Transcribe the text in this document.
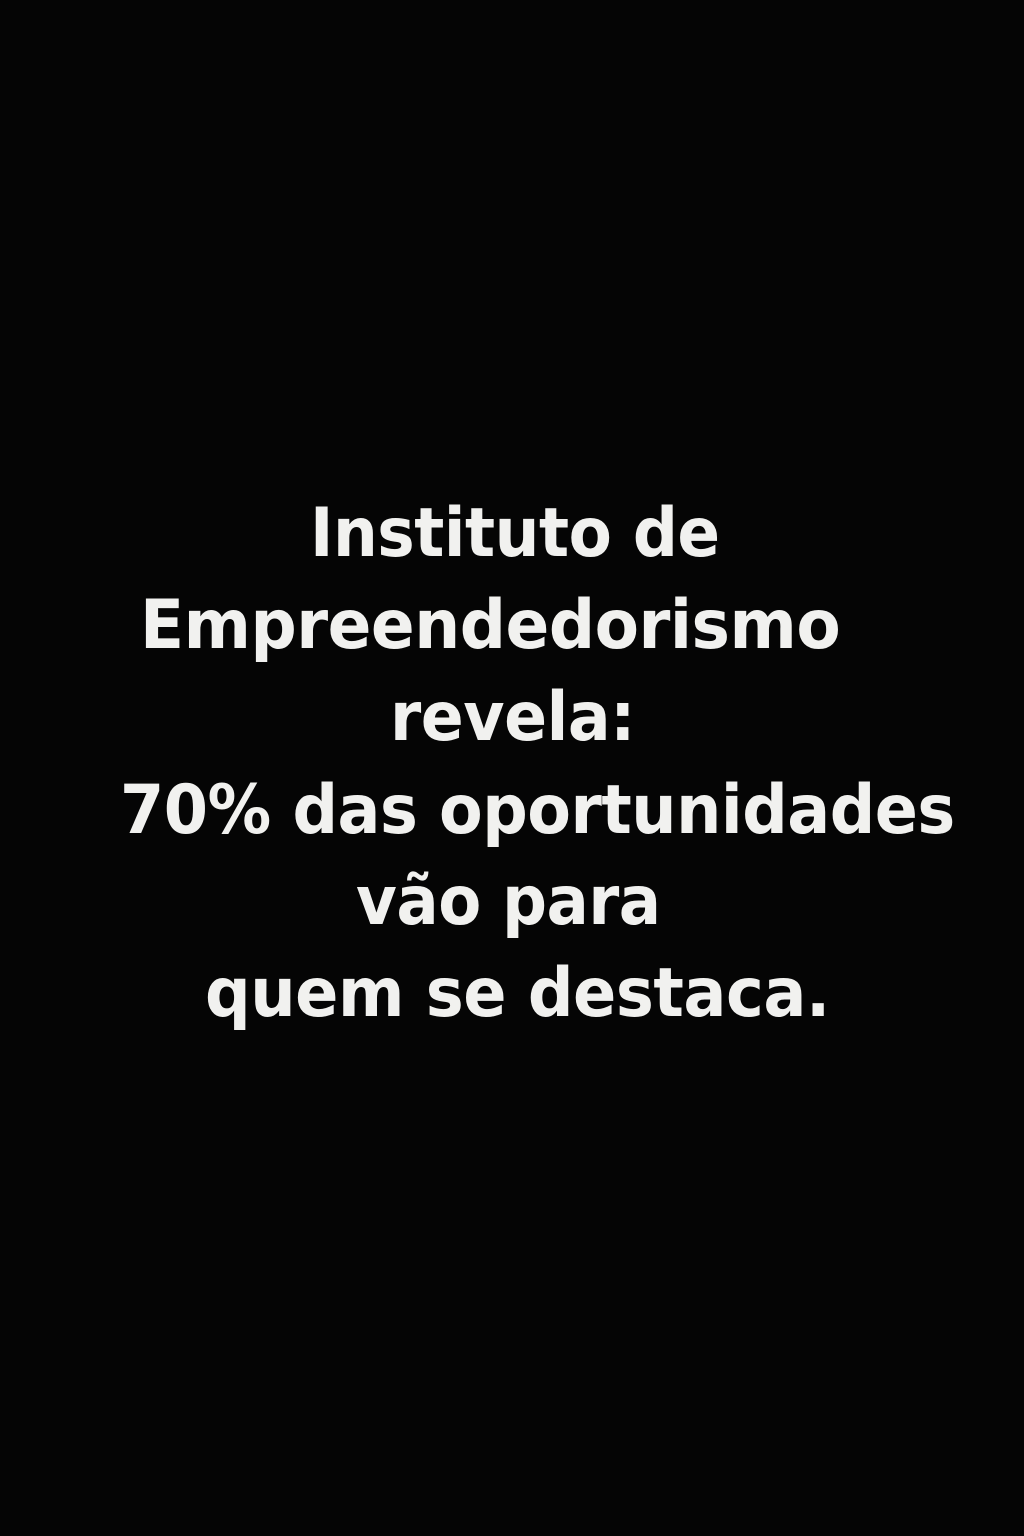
Instituto de
Empreendedorismo
revela:
70% das oportunidades
vão para
quem se destaca.
